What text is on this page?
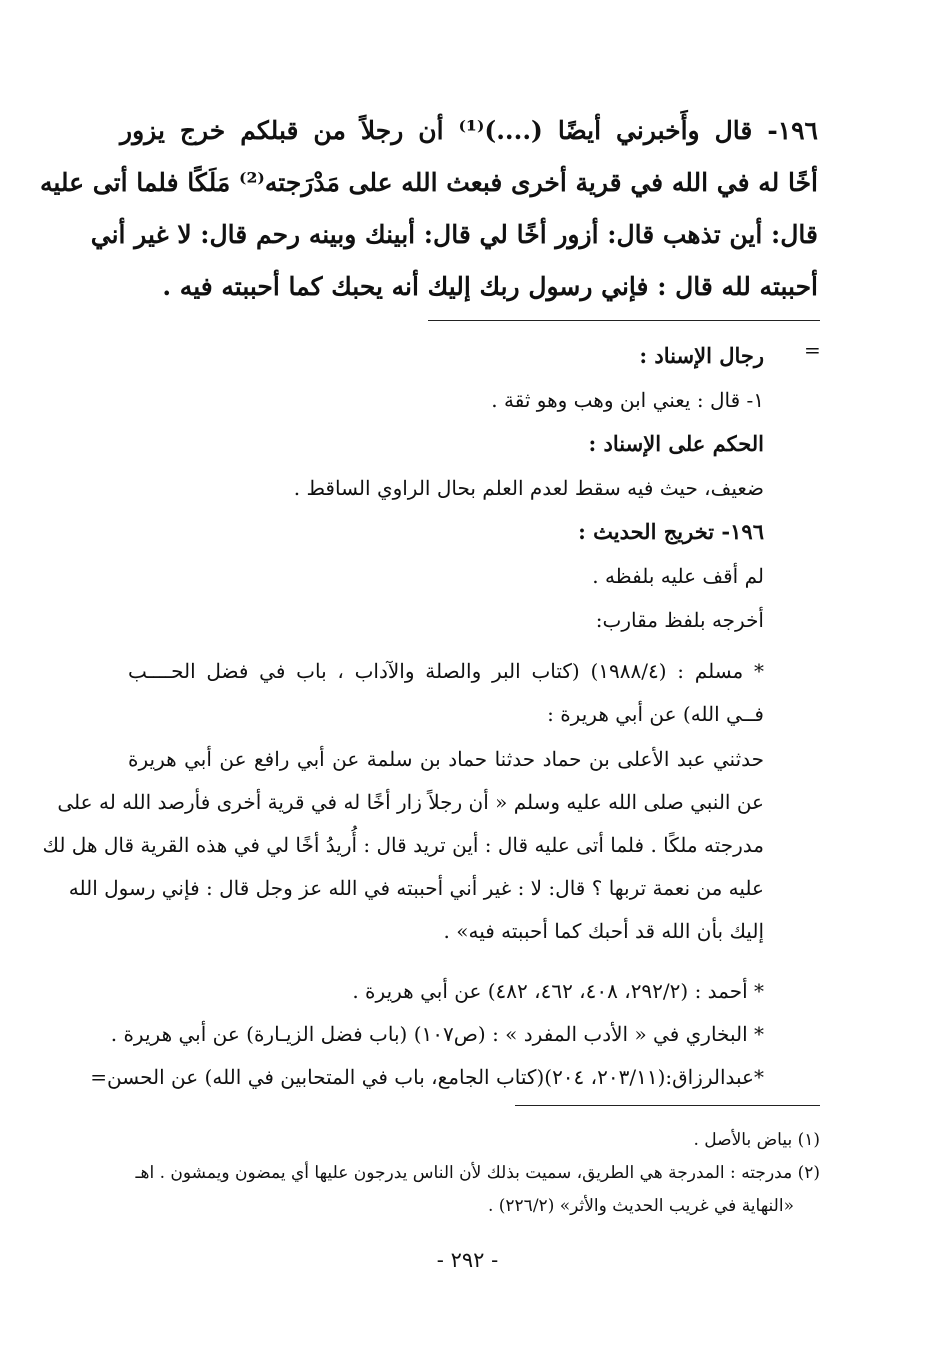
١٩٦- قال وأَخبرني أيضًا (....)⁽¹⁾ أن رجلاً من قبلكم خرج يزور
أخًا له في الله في قرية أخرى فبعث الله على مَدْرَجته⁽²⁾ مَلَكًا فلما أتى عليه
قال: أين تذهب قال: أزور أخًا لي قال: أبينك وبينه رحم قال: لا غير أني
أحببته لله قال : فإني رسول ربك إليك أنه يحبك كما أحببته فيه .
=
رجال الإسناد :
١- قال : يعني ابن وهب وهو ثقة .
الحكم على الإسناد :
ضعيف، حيث فيه سقط لعدم العلم بحال الراوي الساقط .
١٩٦- تخريج الحديث :
لم أقف عليه بلفظه .
أخرجه بلفظ مقارب:
* مسلم : (١٩٨٨/٤) (كتاب البر والصلة والآداب ، باب في فضل الحــــب
فــي الله) عن أبي هريرة :
حدثني عبد الأعلى بن حماد حدثنا حماد بن سلمة عن أبي رافع عن أبي هريرة
عن النبي صلى الله عليه وسلم « أن رجلاً زار أخًا له في قرية أخرى فأرصد الله له على
مدرجته ملكًا . فلما أتى عليه قال : أين تريد قال : أُريدُ أخًا لي في هذه القرية قال هل لك
عليه من نعمة تربها ؟ قال: لا : غير أني أحببته في الله عز وجل قال : فإني رسول الله
إليك بأن الله قد أحبك كما أحببته فيه» .
* أحمد : (٢٩٢/٢، ٤٠٨، ٤٦٢، ٤٨٢) عن أبي هريرة .
* البخاري في « الأدب المفرد » : (ص١٠٧) (باب فضل الزيـارة) عن أبي هريرة .
*عبدالرزاق:(٢٠٣/١١، ٢٠٤)(كتاب الجامع، باب في المتحابين في الله) عن الحسن=
(١) بياض بالأصل .
(٢) مدرجته : المدرجة هي الطريق، سميت بذلك لأن الناس يدرجون عليها أي يمضون ويمشون . اهـ
«النهاية في غريب الحديث والأثر» (٢٢٦/٢) .
- ٢٩٢ -
